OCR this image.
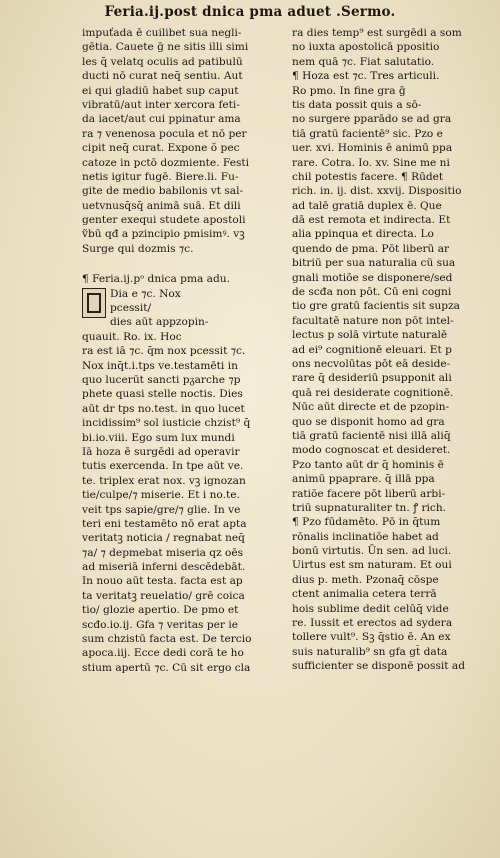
Feria.ij.post dnica pma aduet .Sermo.
impuťada ē cuilibet sua negli-
gētia. Cauete ḡ ne sitis illi simi
les q̄ velatq oculis ad patibulū
ducti nō curat neq̄ sentiu. Aut
ei qui gladiū habet sup caput
vibratū/aut inter xercora feti-
da iacet/aut cui ppinatur ama
ra ⁊ venenosa pocula et nō per
cipit neq̄ curat. Expone ŏ pec
catoze in pctō dozmiente. Festi
netis igitur fugē. Biere.li. Fu-
gite de medio babilonis vt sal-
uetvnusq̄sq̄ animā suā. Et dili
genter exequi studete apostoli
ṽbū qđ a pzincipio pmisimꝰ. vꝫ
Surge qui dozmis ⁊c.
¶ Feria.ij.pᵒ dnica pma adu.
Dia e ⁊c. Nox
pcessit/
dies aūt appzopin-
quauit. Ro. ix. Hoc
ra est iā ⁊c. q̄m nox pcessit ⁊c.
Nox inq̄t.i.tps ve.testamēti in
quo lucerūt sancti pᵹarche ⁊p
phete quasi stelle noctis. Dies
aūt dr tps no.test. in quo lucet
incidissim⁹ sol iusticie chzist⁹ q̄
bi.io.viii. Ego sum lux mundi
Iā hoza ē surgēdi ad operavir
tutis exercenda. In tpe aūt ve.
te. triplex erat nox. vꝫ ignozan
tie/culpe/⁊ miserie. Et i no.te.
veit tps sapie/gre/⁊ glie. In ve
teri eni testamēto nō erat apta
veritatꝫ noticia / regnabat neq̄
⁊a/ ⁊ depmebat miseria qz oēs
ad miseriā inferni descēdebāt.
In nouo aūt testa. facta est ap
ta veritatꝫ reuelatio/ grē coica
tio/ glozie apertio. De pmo et
scđo.io.ij. Gfa ⁊ veritas per ie
sum chzistū facta est. De tercio
apoca.iij. Ecce dedi corā te ho
stium apertū ⁊c. Cū sit ergo cla
ra dies temp⁹ est surgēdi a som
no iuxta apostolicā ppositio
nem quā ⁊c. Fiat salutatio.
¶ Hoza est ⁊c. Tres articuli.
Ro pmo. In fine gra ḡ
tis data possit quis a sō-
no surgere pparādo se ad gra
tiā gratū facientē⁹ sic. Pzo e
uer. xvi. Hominis ē animū ppa
rare. Cotra. Io. xv. Sine me ni
chil potestis facere. ¶ Rūdet
rich. in. ij. dist. xxvij. Dispositio
ad talē gratiā duplex ē. Que
dā est remota et indirecta. Et
alia ppinqua et directa. Lo
quendo de pma. Pōt liberū ar
bitriū per sua naturalia cū sua
gnali motiōe se disponere/sed
de scđa non pōt. Cū eni cogni
tio gre gratū facientis sit supza
facultatē nature non pōt intel-
lectus p solā virtute naturalē
ad ei⁹ cognitionē eleuari. Et p
ons necvolūtas pōt eā deside-
rare q̄ desideriū psupponit ali
quā rei desiderate cognitionē.
Nūc aūt directe et de pzopin-
quo se disponit homo ad gra
tiā gratū facientē nisi illā aliq̄
modo cognoscat et desideret.
Pzo tanto aūt dr q̄ hominis ē
animū ppaprare. q̄ illā ppa
ratiōe facere pōt liberū arbi-
triū supnaturaliter tn. ꝭ rich.
¶ Pzo fūdamēto. Pō in q̄tum
rōnalis inclinatiōe habet ad
bonū virtutis. Ūn sen. ad luci.
Uirtus est sm naturam. Et oui
dius p. meth. Pzonaq̄ cōspe
ctent animalia cetera terrā
hois sublime dedit celūq̄ vide
re. Iussit et erectos ad sydera
tollere vult⁹. Sꝫ q̄stio ē. An ex
suis naturalib⁹ sn gfa gt̄ data
sufficienter se disponē possit ad
